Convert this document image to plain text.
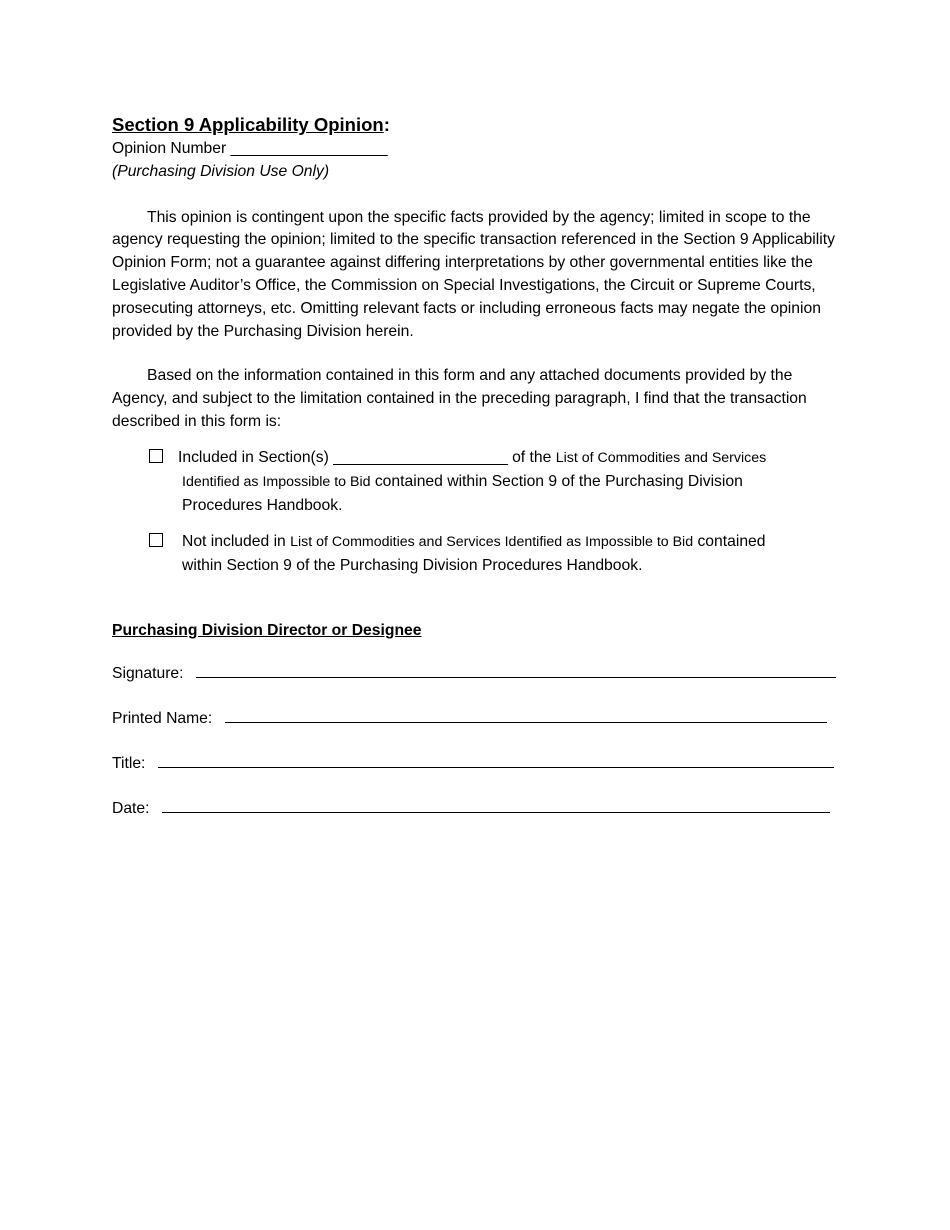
Section 9 Applicability Opinion:
Opinion Number __________________
(Purchasing Division Use Only)

This opinion is contingent upon the specific facts provided by the agency; limited in scope to the agency requesting the opinion; limited to the specific transaction referenced in the Section 9 Applicability Opinion Form; not a guarantee against differing interpretations by other governmental entities like the Legislative Auditor’s Office, the Commission on Special Investigations, the Circuit or Supreme Courts, prosecuting attorneys, etc. Omitting relevant facts or including erroneous facts may negate the opinion provided by the Purchasing Division herein.

Based on the information contained in this form and any attached documents provided by the Agency, and subject to the limitation contained in the preceding paragraph, I find that the transaction described in this form is:

Included in Section(s) ____________________ of the List of Commodities and Services
Identified as Impossible to Bid contained within Section 9 of the Purchasing Division
Procedures Handbook.
Not included in List of Commodities and Services Identified as Impossible to Bid contained
within Section 9 of the Purchasing Division Procedures Handbook.
Purchasing Division Director or Designee
Signature:
Printed Name:
Title:
Date:
